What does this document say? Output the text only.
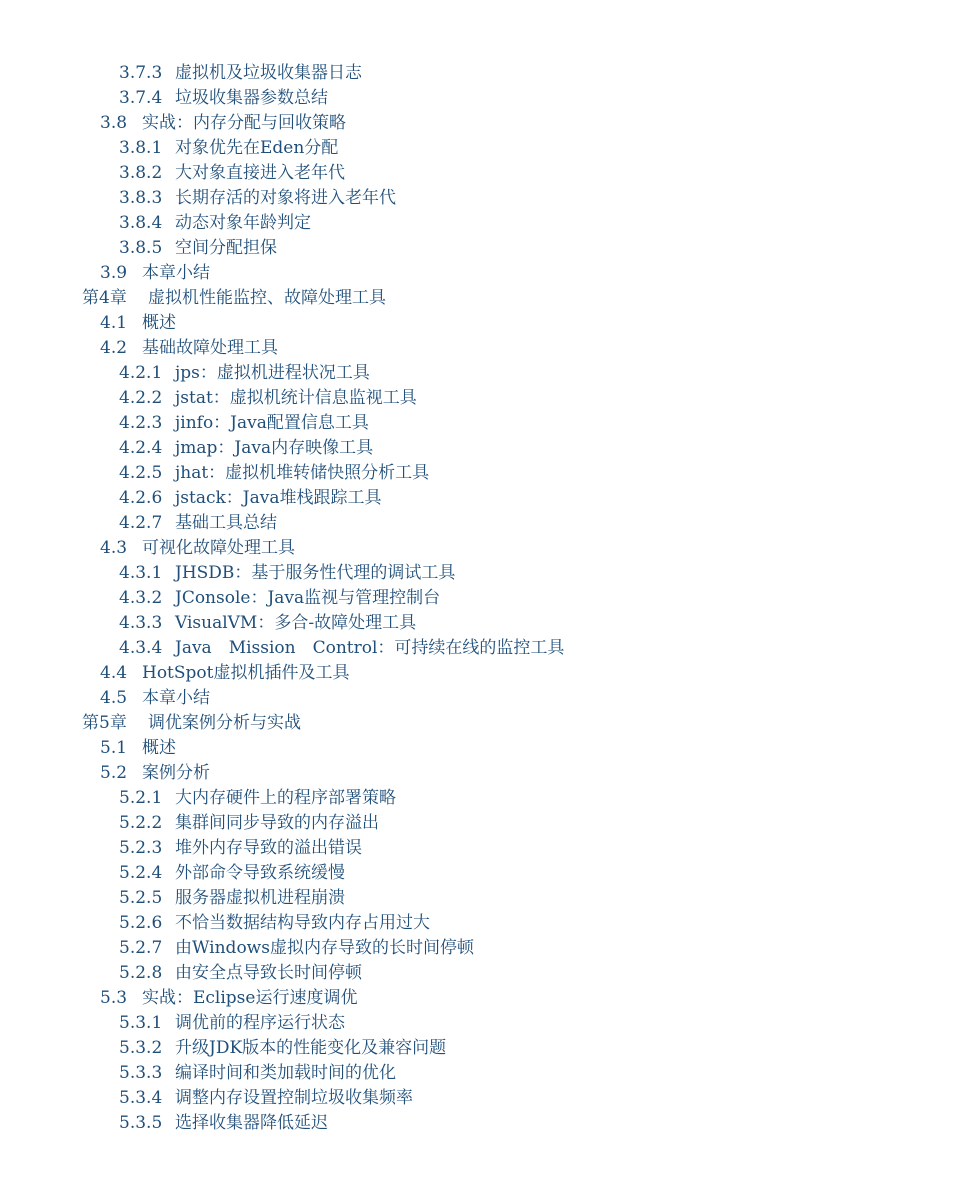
3.7.3 虚拟机及垃圾收集器日志
3.7.4 垃圾收集器参数总结
3.8 实战：内存分配与回收策略
3.8.1 对象优先在Eden分配
3.8.2 大对象直接进入老年代
3.8.3 长期存活的对象将进入老年代
3.8.4 动态对象年龄判定
3.8.5 空间分配担保
3.9 本章小结
第4章 虚拟机性能监控、故障处理工具
4.1 概述
4.2 基础故障处理工具
4.2.1 jps：虚拟机进程状况工具
4.2.2 jstat：虚拟机统计信息监视工具
4.2.3 jinfo：Java配置信息工具
4.2.4 jmap：Java内存映像工具
4.2.5 jhat：虚拟机堆转储快照分析工具
4.2.6 jstack：Java堆栈跟踪工具
4.2.7 基础工具总结
4.3 可视化故障处理工具
4.3.1 JHSDB：基于服务性代理的调试工具
4.3.2 JConsole：Java监视与管理控制台
4.3.3 VisualVM：多合-故障处理工具
4.3.4 Java　Mission　Control：可持续在线的监控工具
4.4 HotSpot虚拟机插件及工具
4.5 本章小结
第5章 调优案例分析与实战
5.1 概述
5.2 案例分析
5.2.1 大内存硬件上的程序部署策略
5.2.2 集群间同步导致的内存溢出
5.2.3 堆外内存导致的溢出错误
5.2.4 外部命令导致系统缓慢
5.2.5 服务器虚拟机进程崩溃
5.2.6 不恰当数据结构导致内存占用过大
5.2.7 由Windows虚拟内存导致的长时间停顿
5.2.8 由安全点导致长时间停顿
5.3 实战：Eclipse运行速度调优
5.3.1 调优前的程序运行状态
5.3.2 升级JDK版本的性能变化及兼容问题
5.3.3 编译时间和类加载时间的优化
5.3.4 调整内存设置控制垃圾收集频率
5.3.5 选择收集器降低延迟
